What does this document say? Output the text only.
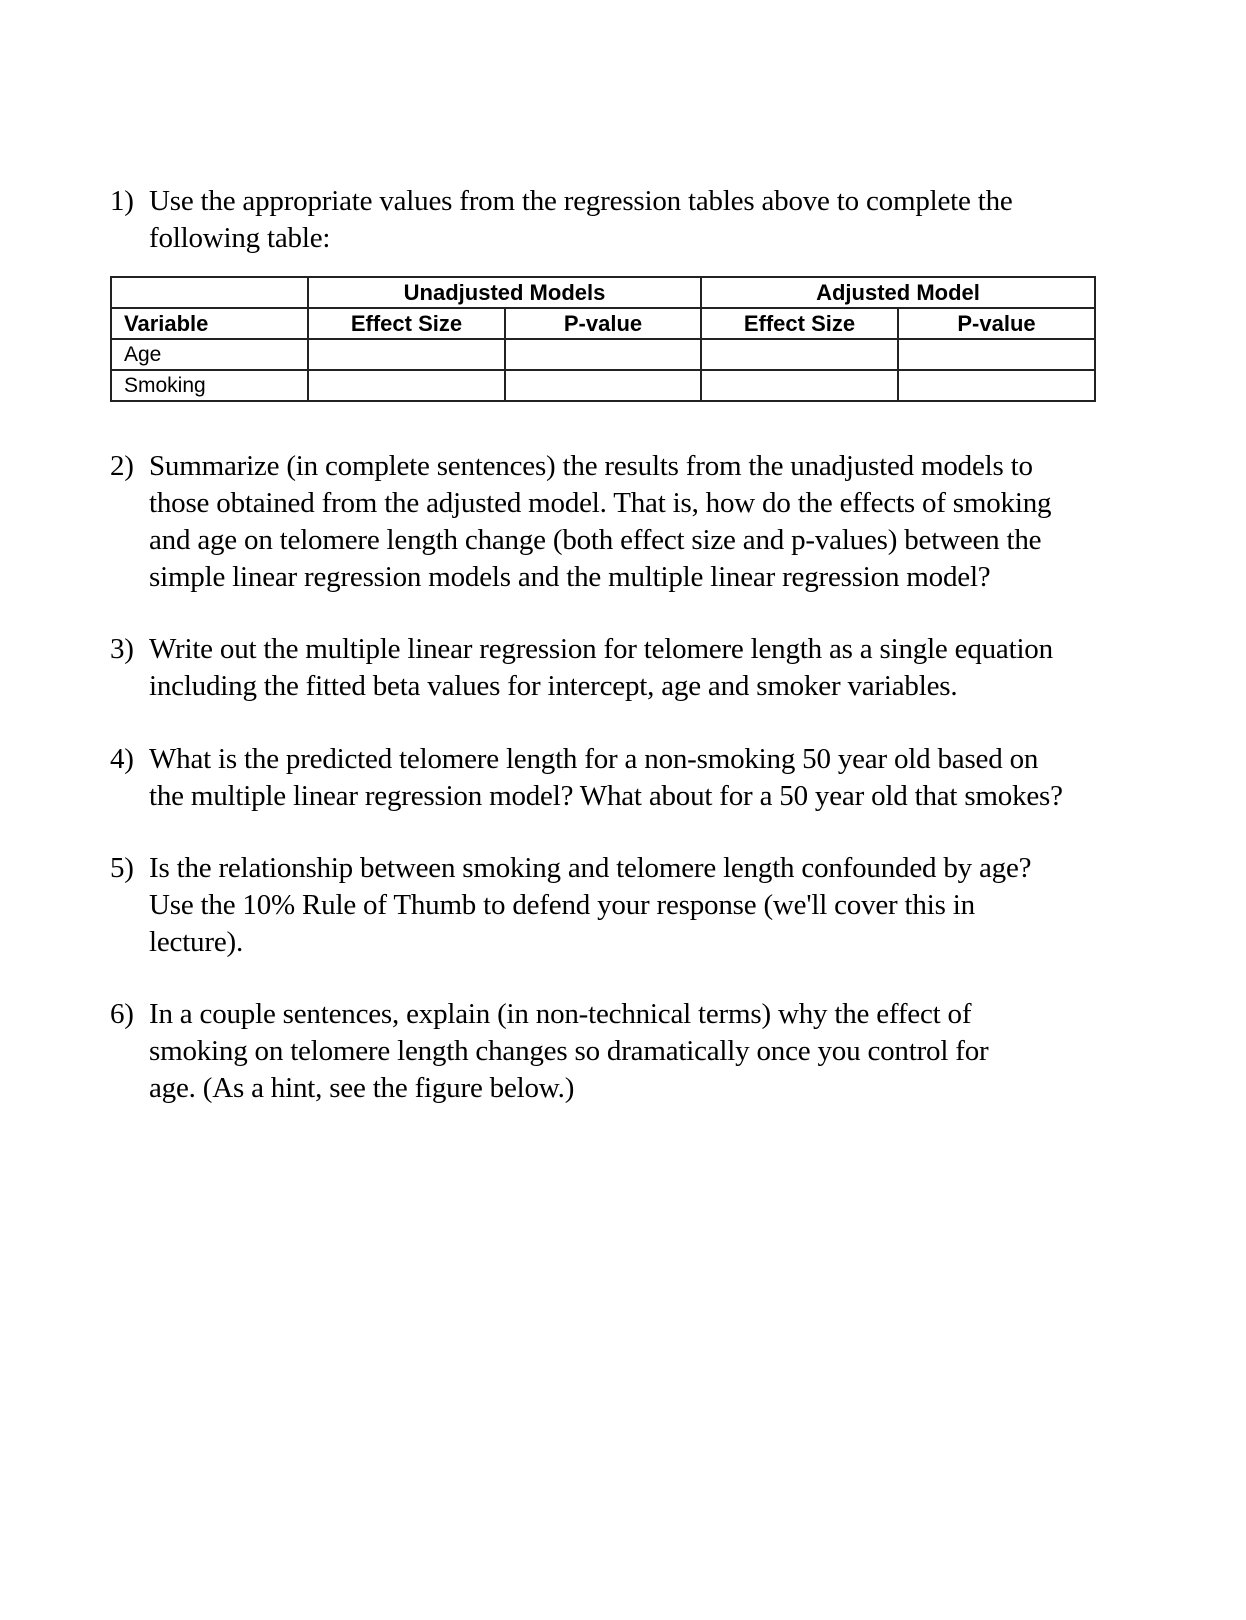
1) Use the appropriate values from the regression tables above to complete the
following table:
	Unadjusted Models		Adjusted Model	
Variable	Effect Size	P-value	Effect Size	P-value
Age				
Smoking				
2) Summarize (in complete sentences) the results from the unadjusted models to
those obtained from the adjusted model. That is, how do the effects of smoking
and age on telomere length change (both effect size and p-values) between the
simple linear regression models and the multiple linear regression model?
3) Write out the multiple linear regression for telomere length as a single equation
including the fitted beta values for intercept, age and smoker variables.
4) What is the predicted telomere length for a non-smoking 50 year old based on
the multiple linear regression model? What about for a 50 year old that smokes?
5) Is the relationship between smoking and telomere length confounded by age?
Use the 10% Rule of Thumb to defend your response (we'll cover this in
lecture).
6) In a couple sentences, explain (in non-technical terms) why the effect of
smoking on telomere length changes so dramatically once you control for
age. (As a hint, see the figure below.)
